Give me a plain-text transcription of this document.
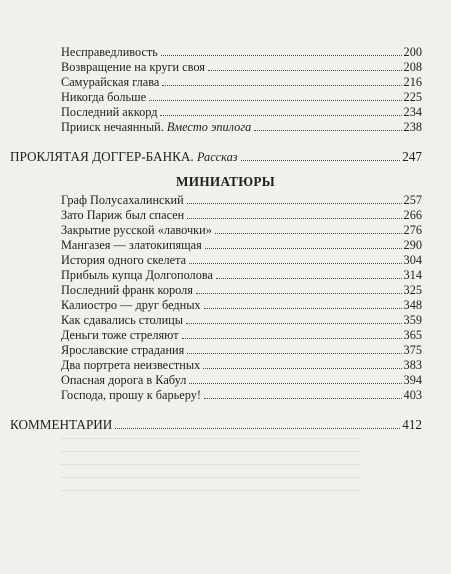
Несправедливость	200
Возвращение на круги своя	208
Самурайская глава	216
Никогда больше	225
Последний аккорд	234
Прииск нечаянный. Вместо эпилога	238
ПРОКЛЯТАЯ ДОГГЕР-БАНКА. Рассказ	247
МИНИАТЮРЫ
Граф Полусахалинский	257
Зато Париж был спасен	266
Закрытие русской «лавочки»	276
Мангазея — златокипящая	290
История одного скелета	304
Прибыль купца Долгополова	314
Последний франк короля	325
Калиостро — друг бедных	348
Как сдавались столицы	359
Деньги тоже стреляют	365
Ярославские страдания	375
Два портрета неизвестных	383
Опасная дорога в Кабул	394
Господа, прошу к барьеру!	403
КОММЕНТАРИИ	412
